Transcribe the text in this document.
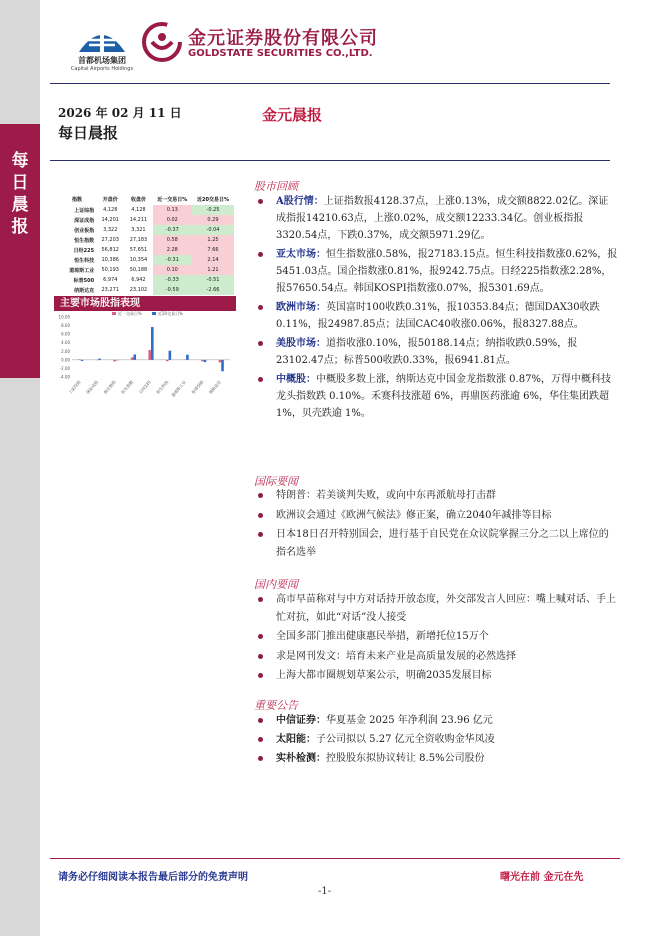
每日晨报
首都机场集团
Capital Airports Holdings
金元证券股份有限公司
GOLDSTATE SECURITIES CO.,LTD.
2026 年 02 月 11 日
每日晨报
金元晨报
指数	开盘价	收盘价	近一交易日%	近20交易日%
上证综指	4,128	4,128	0.13	-0.25
深证成指	14,201	14,211	0.02	0.29
创业板指	3,322	3,321	-0.37	-0.04
恒生指数	27,203	27,183	0.58	1.25
日经225	56,812	57,651	2.28	7.66
恒生科技	10,386	10,354	-0.31	2.14
道琼斯工业	50,193	50,188	0.10	1.21
标普500	6,974	6,942	-0.33	-0.51
纳斯达克	23,271	23,102	-0.59	-2.66
主要市场股指表现
10.00
8.00
6.00
4.00
2.00
0.00
-2.00
-4.00
近一交易日%	近20交易日%
上证综指 深证成指 创业板指 恒生指数 日经225 恒生科技 道琼斯工业 标普500 纳斯达克
股市回顾
A股行情：上证指数报4128.37点，上涨0.13%，成交额8822.02亿。深证成指报14210.63点，上涨0.02%，成交额12233.34亿。创业板指报3320.54点，下跌0.37%，成交额5971.29亿。
亚太市场：恒生指数涨0.58%，报27183.15点。恒生科技指数涨0.62%，报5451.03点。国企指数涨0.81%，报9242.75点。日经225指数涨2.28%，报57650.54点。韩国KOSPI指数涨0.07%，报5301.69点。
欧洲市场：英国富时100收跌0.31%，报10353.84点；德国DAX30收跌0.11%，报24987.85点；法国CAC40收涨0.06%，报8327.88点。
美股市场：道指收涨0.10%，报50188.14点；纳指收跌0.59%，报23102.47点；标普500收跌0.33%，报6941.81点。
中概股：中概股多数上涨，纳斯达克中国金龙指数涨 0.87%，万得中概科技龙头指数跌 0.10%。禾赛科技涨超 6%，再鼎医药涨逾 6%，华住集团跌超 1%，贝壳跌逾 1%。
国际要闻
特朗普：若美谈判失败，或向中东再派航母打击群
欧洲议会通过《欧洲气候法》修正案，确立2040年减排等目标
日本18日召开特别国会，进行基于自民党在众议院掌握三分之二以上席位的指名选举
国内要闻
高市早苗称对与中方对话持开放态度，外交部发言人回应：嘴上喊对话、手上忙对抗，如此“对话”没人接受
全国多部门推出健康惠民举措，新增托位15万个
求是网刊发文：培育未来产业是高质量发展的必然选择
上海大都市圈规划草案公示，明确2035发展目标
重要公告
中信证券：华夏基金 2025 年净利润 23.96 亿元
太阳能：子公司拟以 5.27 亿元全资收购金华凤凌
实朴检测：控股股东拟协议转让 8.5%公司股份
请务必仔细阅读本报告最后部分的免责声明	曙光在前 金元在先
-1-
